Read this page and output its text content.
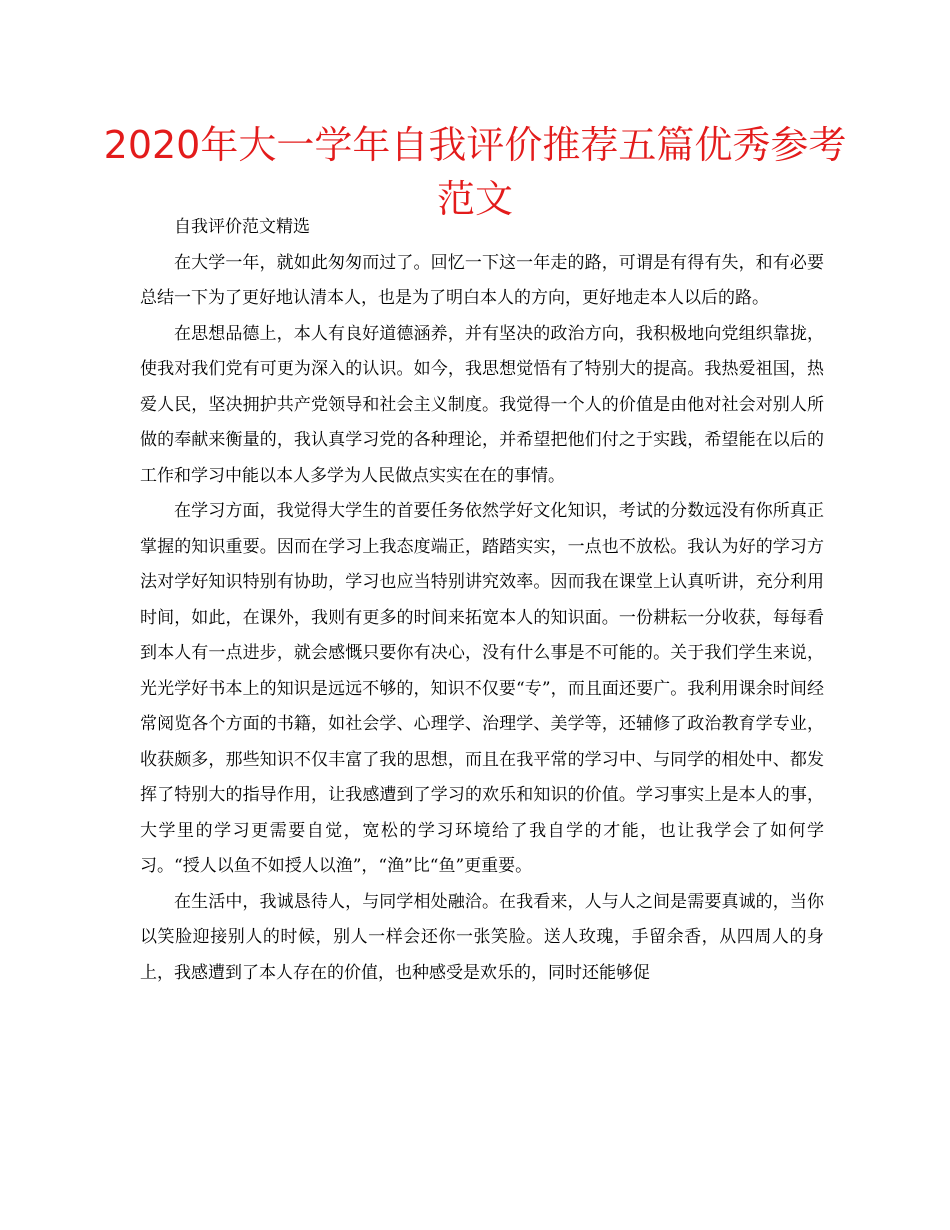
2020年大一学年自我评价推荐五篇优秀参考范文

自我评价范文精选

在大学一年，就如此匆匆而过了。回忆一下这一年走的路，可谓是有得有失，和有必要总结一下为了更好地认清本人，也是为了明白本人的方向，更好地走本人以后的路。

在思想品德上，本人有良好道德涵养，并有坚决的政治方向，我积极地向党组织靠拢，使我对我们党有可更为深入的认识。如今，我思想觉悟有了特别大的提高。我热爱祖国，热爱人民，坚决拥护共产党领导和社会主义制度。我觉得一个人的价值是由他对社会对别人所做的奉献来衡量的，我认真学习党的各种理论，并希望把他们付之于实践，希望能在以后的工作和学习中能以本人多学为人民做点实实在在的事情。

在学习方面，我觉得大学生的首要任务依然学好文化知识，考试的分数远没有你所真正掌握的知识重要。因而在学习上我态度端正，踏踏实实，一点也不放松。我认为好的学习方法对学好知识特别有协助，学习也应当特别讲究效率。因而我在课堂上认真听讲，充分利用时间，如此，在课外，我则有更多的时间来拓宽本人的知识面。一份耕耘一分收获，每每看到本人有一点进步，就会感慨只要你有决心，没有什么事是不可能的。关于我们学生来说，光光学好书本上的知识是远远不够的，知识不仅要“专”，而且面还要广。我利用课余时间经常阅览各个方面的书籍，如社会学、心理学、治理学、美学等，还辅修了政治教育学专业，收获颇多，那些知识不仅丰富了我的思想，而且在我平常的学习中、与同学的相处中、都发挥了特别大的指导作用，让我感遭到了学习的欢乐和知识的价值。学习事实上是本人的事，大学里的学习更需要自觉，宽松的学习环境给了我自学的才能，也让我学会了如何学习。“授人以鱼不如授人以渔”，“渔”比“鱼”更重要。

在生活中，我诚恳待人，与同学相处融洽。在我看来，人与人之间是需要真诚的，当你以笑脸迎接别人的时候，别人一样会还你一张笑脸。送人玫瑰，手留余香，从四周人的身上，我感遭到了本人存在的价值，也种感受是欢乐的，同时还能够促
